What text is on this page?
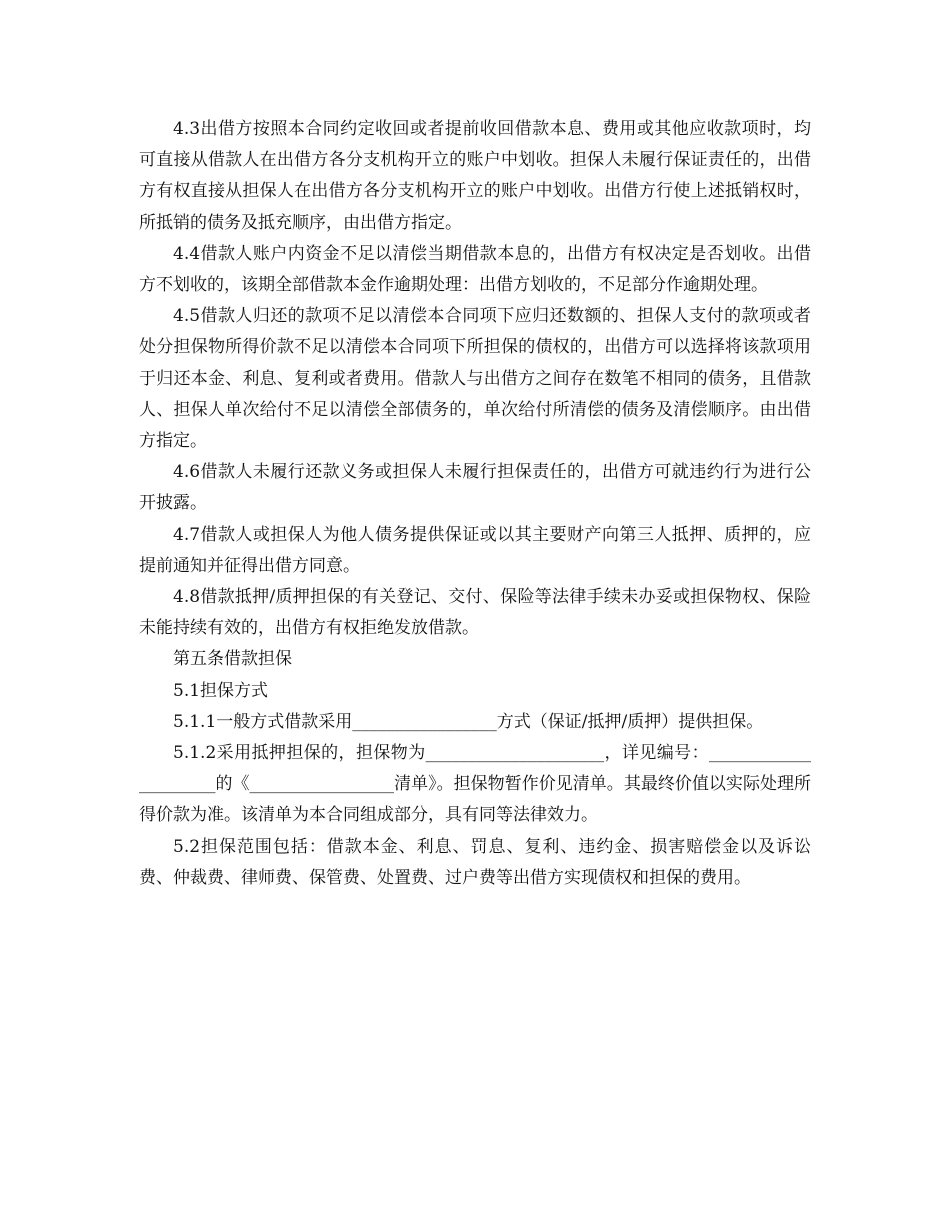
4.3出借方按照本合同约定收回或者提前收回借款本息、费用或其他应收款项时，均可直接从借款人在出借方各分支机构开立的账户中划收。担保人未履行保证责任的，出借方有权直接从担保人在出借方各分支机构开立的账户中划收。出借方行使上述抵销权时，所抵销的债务及抵充顺序，由出借方指定。

4.4借款人账户内资金不足以清偿当期借款本息的，出借方有权决定是否划收。出借方不划收的，该期全部借款本金作逾期处理：出借方划收的，不足部分作逾期处理。

4.5借款人归还的款项不足以清偿本合同项下应归还数额的、担保人支付的款项或者处分担保物所得价款不足以清偿本合同项下所担保的债权的，出借方可以选择将该款项用于归还本金、利息、复利或者费用。借款人与出借方之间存在数笔不相同的债务，且借款人、担保人单次给付不足以清偿全部债务的，单次给付所清偿的债务及清偿顺序。由出借方指定。

4.6借款人未履行还款义务或担保人未履行担保责任的，出借方可就违约行为进行公开披露。

4.7借款人或担保人为他人债务提供保证或以其主要财产向第三人抵押、质押的，应提前通知并征得出借方同意。

4.8借款抵押/质押担保的有关登记、交付、保险等法律手续未办妥或担保物权、保险未能持续有效的，出借方有权拒绝发放借款。

第五条借款担保

5.1担保方式

5.1.1一般方式借款采用_________________方式（保证/抵押/质押）提供担保。

5.1.2采用抵押担保的，担保物为_____________________，详见编号：_____________________的《_________________清单》。担保物暂作价见清单。其最终价值以实际处理所得价款为准。该清单为本合同组成部分，具有同等法律效力。

5.2担保范围包括：借款本金、利息、罚息、复利、违约金、损害赔偿金以及诉讼费、仲裁费、律师费、保管费、处置费、过户费等出借方实现债权和担保的费用。
